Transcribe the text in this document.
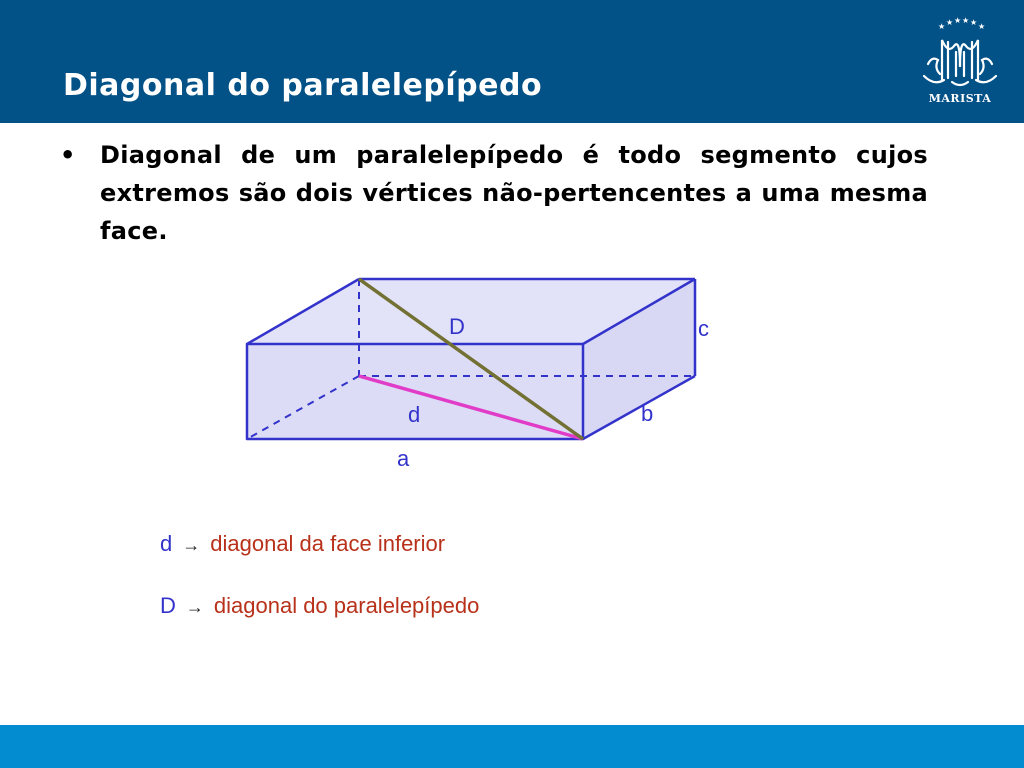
Diagonal do paralelepípedo
★ ★ ★ ★ ★ ★
MARISTA
• Diagonal de um paralelepípedo é todo segmento cujos extremos são dois vértices não-pertencentes a uma mesma face.

D	c
d	b
a
d → diagonal da face inferior
D → diagonal do paralelepípedo
